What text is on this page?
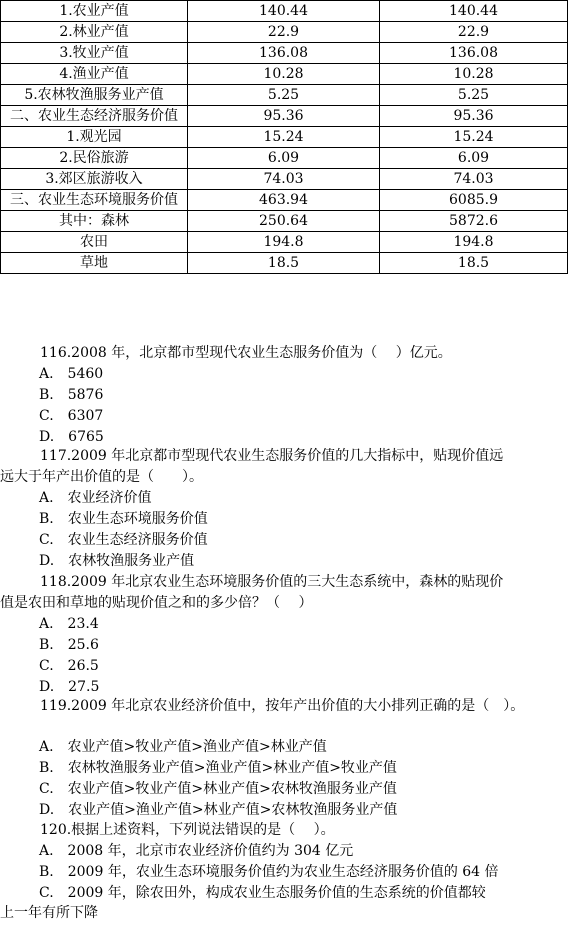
1.农业产值	140.44	140.44
2.林业产值	22.9	22.9
3.牧业产值	136.08	136.08
4.渔业产值	10.28	10.28
5.农林牧渔服务业产值	5.25	5.25
二、农业生态经济服务价值	95.36	95.36
1.观光园	15.24	15.24
2.民俗旅游	6.09	6.09
3.郊区旅游收入	74.03	74.03
三、农业生态环境服务价值	463.94	6085.9
其中：森林	250.64	5872.6
农田	194.8	194.8
草地	18.5	18.5
116.2008 年，北京都市型现代农业生态服务价值为（　 ）亿元。
A.　5460
B.　5876
C.　6307
D.　6765
117.2009 年北京都市型现代农业生态服务价值的几大指标中，贴现价值远
远大于年产出价值的是（　　）。
A.　农业经济价值
B.　农业生态环境服务价值
C.　农业生态经济服务价值
D.　农林牧渔服务业产值
118.2009 年北京农业生态环境服务价值的三大生态系统中，森林的贴现价
值是农田和草地的贴现价值之和的多少倍？（　 ）
A.　23.4
B.　25.6
C.　26.5
D.　27.5
119.2009 年北京农业经济价值中，按年产出价值的大小排列正确的是（　）。
A.　农业产值>牧业产值>渔业产值>林业产值
B.　农林牧渔服务业产值>渔业产值>林业产值>牧业产值
C.　农业产值>牧业产值>林业产值>农林牧渔服务业产值
D.　农业产值>渔业产值>林业产值>农林牧渔服务业产值
120.根据上述资料，下列说法错误的是（　 ）。
A.　2008 年，北京市农业经济价值约为 304 亿元
B.　2009 年，农业生态环境服务价值约为农业生态经济服务价值的 64 倍
C.　2009 年，除农田外，构成农业生态服务价值的生态系统的价值都较
上一年有所下降
